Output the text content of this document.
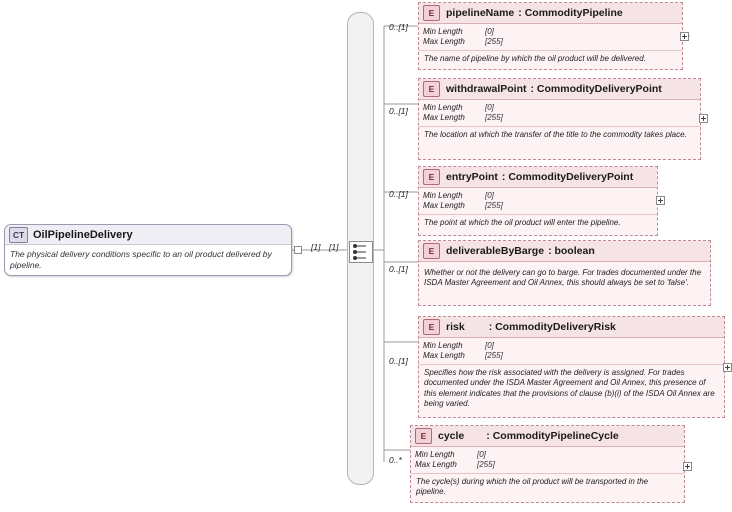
CT OilPipelineDelivery
The physical delivery conditions specific to an oil product delivered by pipeline.
[1] [1]
E	pipelineName : CommodityPipeline
Min Length	[0]
Max Length	[255]
The name of pipeline by which the oil product will be delivered.
0..[1]
E	withdrawalPoint : CommodityDeliveryPoint
Min Length	[0]
Max Length	[255]
The location at which the transfer of the title to the commodity takes place.
0..[1]
E	entryPoint : CommodityDeliveryPoint
Min Length	[0]
Max Length	[255]
The point at which the oil product will enter the pipeline.
0..[1]
E	deliverableByBarge : boolean
Whether or not the delivery can go to barge. For trades documented under the ISDA Master Agreement and Oil Annex, this should always be set to 'false'.
0..[1]
E	risk : CommodityDeliveryRisk
Min Length	[0]
Max Length	[255]
Specifies how the risk associated with the delivery is assigned. For trades documented under the ISDA Master Agreement and Oil Annex, this presence of this element indicates that the provisions of clause (b)(i) of the ISDA Oil Annex are being varied.
0..[1]
E	cycle : CommodityPipelineCycle
Min Length	[0]
Max Length	[255]
The cycle(s) during which the oil product will be transported in the pipeline.
0..*
